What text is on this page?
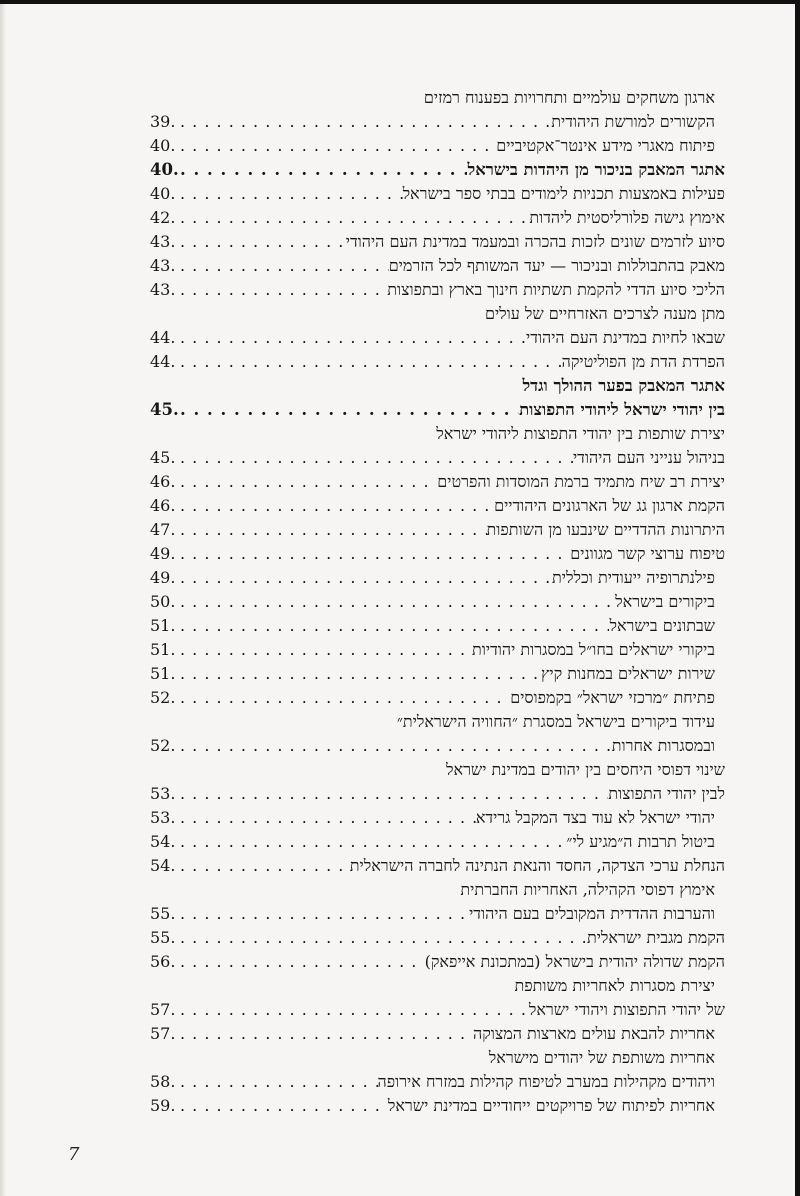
ארגון משחקים עולמיים ותחרויות בפענוח רמזים
הקשורים למורשת היהודית
. . .
39.
פיתוח מאגרי מידע אינטר־אקטיביים
. . .
40.
אתגר המאבק בניכור מן היהדות בישראל
. . .
40.
פעילות באמצעות תכניות לימודים בבתי ספר בישראל
. . .
40.
אימוץ גישה פלורליסטית ליהדות
. . .
42.
סיוע לזרמים שונים לזכות בהכרה ובמעמד במדינת העם היהודי
. . .
43.
מאבק בהתבוללות ובניכור — יעד המשותף לכל הזרמים
. . .
43.
הליכי סיוע הדדי להקמת תשתיות חינוך בארץ ובתפוצות
. . .
43.
מתן מענה לצרכים האזרחיים של עולים
שבאו לחיות במדינת העם היהודי
. . .
44.
הפרדת הדת מן הפוליטיקה
. . .
44.
אתגר המאבק בפער ההולך וגדל
בין יהודי ישראל ליהודי התפוצות
. . .
45.
יצירת שותפות בין יהודי התפוצות ליהודי ישראל
בניהול ענייני העם היהודי
. . .
45.
יצירת רב שיח מתמיד ברמת המוסדות והפרטים
. . .
46.
הקמת ארגון גג של הארגונים היהודיים
. . .
46.
היתרונות ההדדיים שינבעו מן השותפות
. . .
47.
טיפוח ערוצי קשר מגוונים
. . .
49.
פילנתרופיה ייעודית וכללית
. . .
49.
ביקורים בישראל
. . .
50.
שבתונים בישראל
. . .
51.
ביקורי ישראלים בחו״ל במסגרות יהודיות
. . .
51.
שירות ישראלים במחנות קיץ
. . .
51.
פתיחת ״מרכזי ישראל״ בקמפוסים
. . .
52.
עידוד ביקורים בישראל במסגרת ״החוויה הישראלית״
ובמסגרות אחרות
. . .
52.
שינוי דפוסי היחסים בין יהודים במדינת ישראל
לבין יהודי התפוצות
. . .
53.
יהודי ישראל לא עוד בצד המקבל גרידא
. . .
53.
ביטול תרבות ה״מגיע לי״
. . .
54.
הנחלת ערכי הצדקה, החסד והנאת הנתינה לחברה הישראלית
. . .
54.
אימוץ דפוסי הקהילה, האחריות החברתית
והערבות ההדדית המקובלים בעם היהודי
. . .
55.
הקמת מגבית ישראלית
. . .
55.
הקמת שדולה יהודית בישראל (במתכונת אייפאק)
. . .
56.
יצירת מסגרות לאחריות משותפת
של יהודי התפוצות ויהודי ישראל
. . .
57.
אחריות להבאת עולים מארצות המצוקה
. . .
57.
אחריות משותפת של יהודים מישראל
ויהודים מקהילות במערב לטיפוח קהילות במזרח אירופה
. . .
58.
אחריות לפיתוח של פרויקטים ייחודיים במדינת ישראל
. . .
59.
7
